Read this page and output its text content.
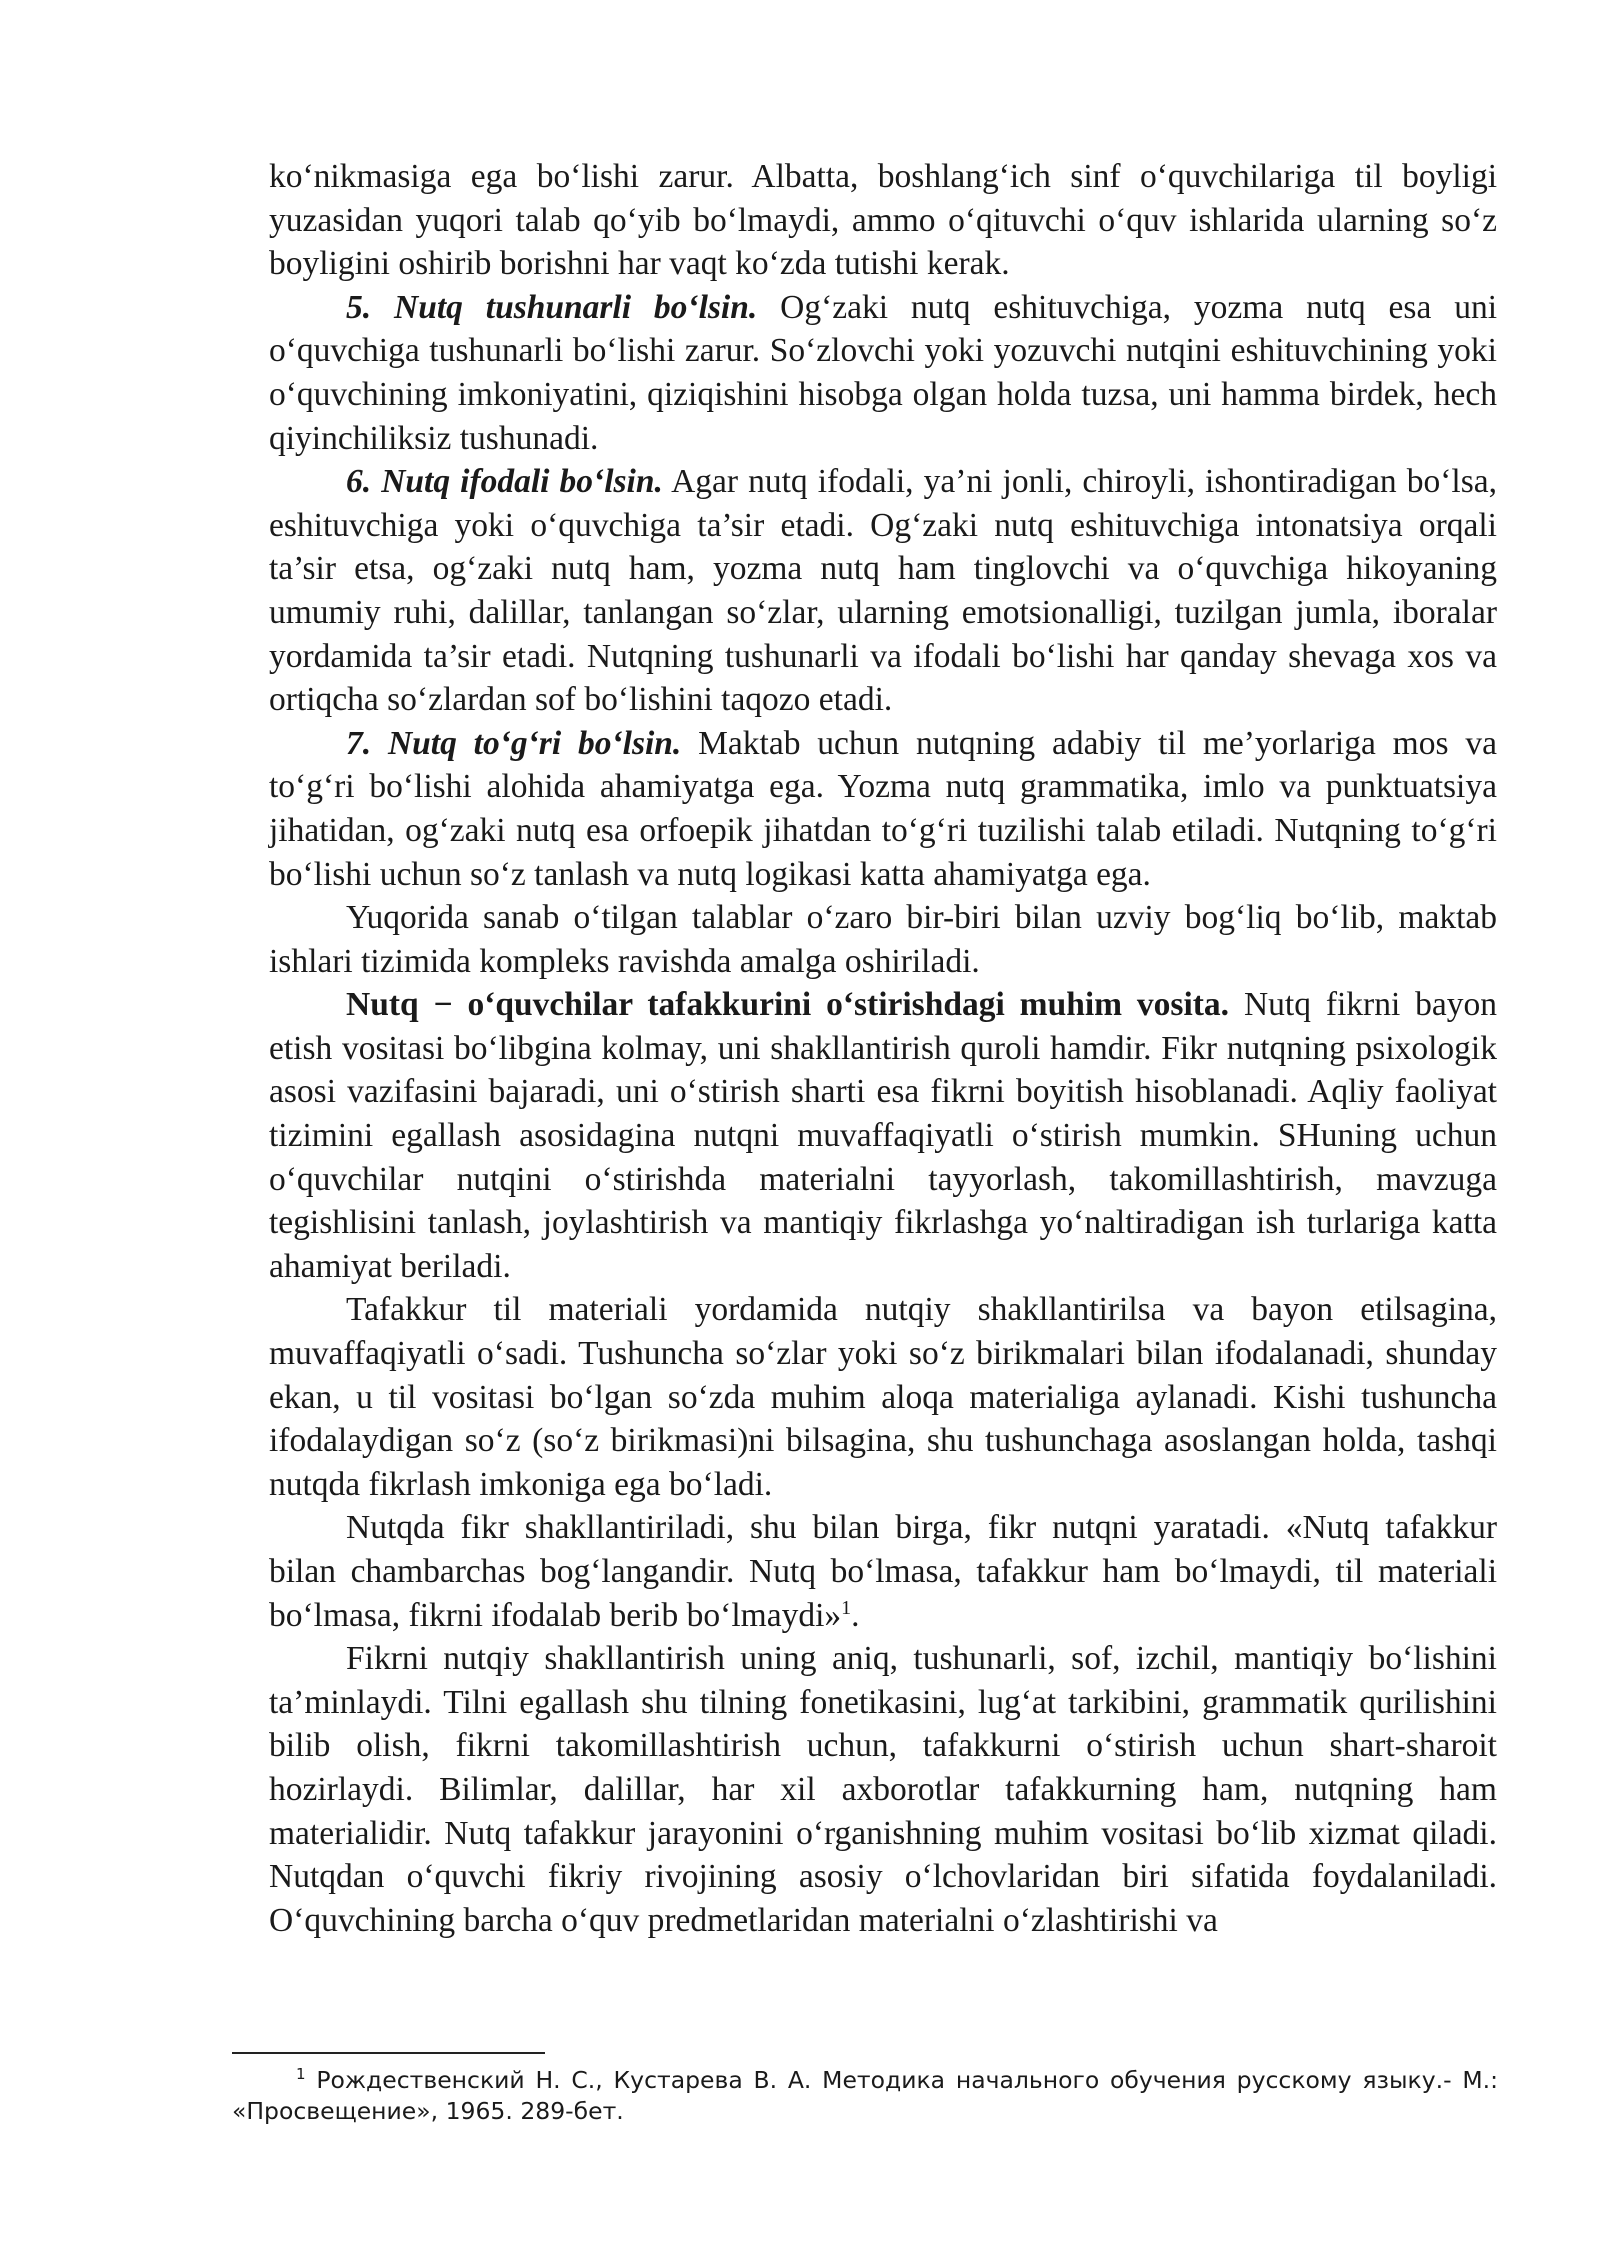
ko‘nikmasiga ega bo‘lishi zarur. Albatta, boshlang‘ich sinf o‘quvchilariga til boyligi yuzasidan yuqori talab qo‘yib bo‘lmaydi, ammo o‘qituvchi o‘quv ishlarida ularning so‘z boyligini oshirib borishni har vaqt ko‘zda tutishi kerak.

5. Nutq tushunarli bo‘lsin. Og‘zaki nutq eshituvchiga, yozma nutq esa uni o‘quvchiga tushunarli bo‘lishi zarur. So‘zlovchi yoki yozuvchi nutqini eshituvchining yoki o‘quvchining imkoniyatini, qiziqishini hisobga olgan holda tuzsa, uni hamma birdek, hech qiyinchiliksiz tushunadi.

6. Nutq ifodali bo‘lsin. Agar nutq ifodali, ya’ni jonli, chiroyli, ishontiradigan bo‘lsa, eshituvchiga yoki o‘quvchiga ta’sir etadi. Og‘zaki nutq eshituvchiga intonatsiya orqali ta’sir etsa, og‘zaki nutq ham, yozma nutq ham tinglovchi va o‘quvchiga hikoyaning umumiy ruhi, dalillar, tanlangan so‘zlar, ularning emotsionalligi, tuzilgan jumla, iboralar yordamida ta’sir etadi. Nutqning tushunarli va ifodali bo‘lishi har qanday shevaga xos va ortiqcha so‘zlardan sof bo‘lishini taqozo etadi.

7. Nutq to‘g‘ri bo‘lsin. Maktab uchun nutqning adabiy til me’yorlariga mos va to‘g‘ri bo‘lishi alohida ahamiyatga ega. Yozma nutq grammatika, imlo va punktuatsiya jihatidan, og‘zaki nutq esa orfoepik jihatdan to‘g‘ri tuzilishi talab etiladi. Nutqning to‘g‘ri bo‘lishi uchun so‘z tanlash va nutq logikasi katta ahamiyatga ega.

Yuqorida sanab o‘tilgan talablar o‘zaro bir-biri bilan uzviy bog‘liq bo‘lib, maktab ishlari tizimida kompleks ravishda amalga oshiriladi.

Nutq − o‘quvchilar tafakkurini o‘stirishdagi muhim vosita. Nutq fikrni bayon etish vositasi bo‘libgina kolmay, uni shakllantirish quroli hamdir. Fikr nutqning psixologik asosi vazifasini bajaradi, uni o‘stirish sharti esa fikrni boyitish hisoblanadi. Aqliy faoliyat tizimini egallash asosidagina nutqni muvaffaqiyatli o‘stirish mumkin. SHuning uchun o‘quvchilar nutqini o‘stirishda materialni tayyorlash, takomillashtirish, mavzuga tegishlisini tanlash, joylashtirish va mantiqiy fikrlashga yo‘naltiradigan ish turlariga katta ahamiyat beriladi.

Tafakkur til materiali yordamida nutqiy shakllantirilsa va bayon etilsagina, muvaffaqiyatli o‘sadi. Tushuncha so‘zlar yoki so‘z birikmalari bilan ifodalanadi, shunday ekan, u til vositasi bo‘lgan so‘zda muhim aloqa materialiga aylanadi. Kishi tushuncha ifodalaydigan so‘z (so‘z birikmasi)ni bilsagina, shu tushunchaga asoslangan holda, tashqi nutqda fikrlash imkoniga ega bo‘ladi.

Nutqda fikr shakllantiriladi, shu bilan birga, fikr nutqni yaratadi. «Nutq tafakkur bilan chambarchas bog‘langandir. Nutq bo‘lmasa, tafakkur ham bo‘lmaydi, til materiali bo‘lmasa, fikrni ifodalab berib bo‘lmaydi»$^1$.

Fikrni nutqiy shakllantirish uning aniq, tushunarli, sof, izchil, mantiqiy bo‘lishini ta’minlaydi. Tilni egallash shu tilning fonetikasini, lug‘at tarkibini, grammatik qurilishini bilib olish, fikrni takomillashtirish uchun, tafakkurni o‘stirish uchun shart-sharoit hozirlaydi. Bilimlar, dalillar, har xil axborotlar tafakkurning ham, nutqning ham materialidir. Nutq tafakkur jarayonini o‘rganishning muhim vositasi bo‘lib xizmat qiladi. Nutqdan o‘quvchi fikriy rivojining asosiy o‘lchovlaridan biri sifatida foydalaniladi. O‘quvchining barcha o‘quv predmetlaridan materialni o‘zlashtirishi va

$^1$ Рождественский Н. С., Кустарева В. А. Методика начального обучения русскому языку.- М.: «Просвещение», 1965. 289-бет.
